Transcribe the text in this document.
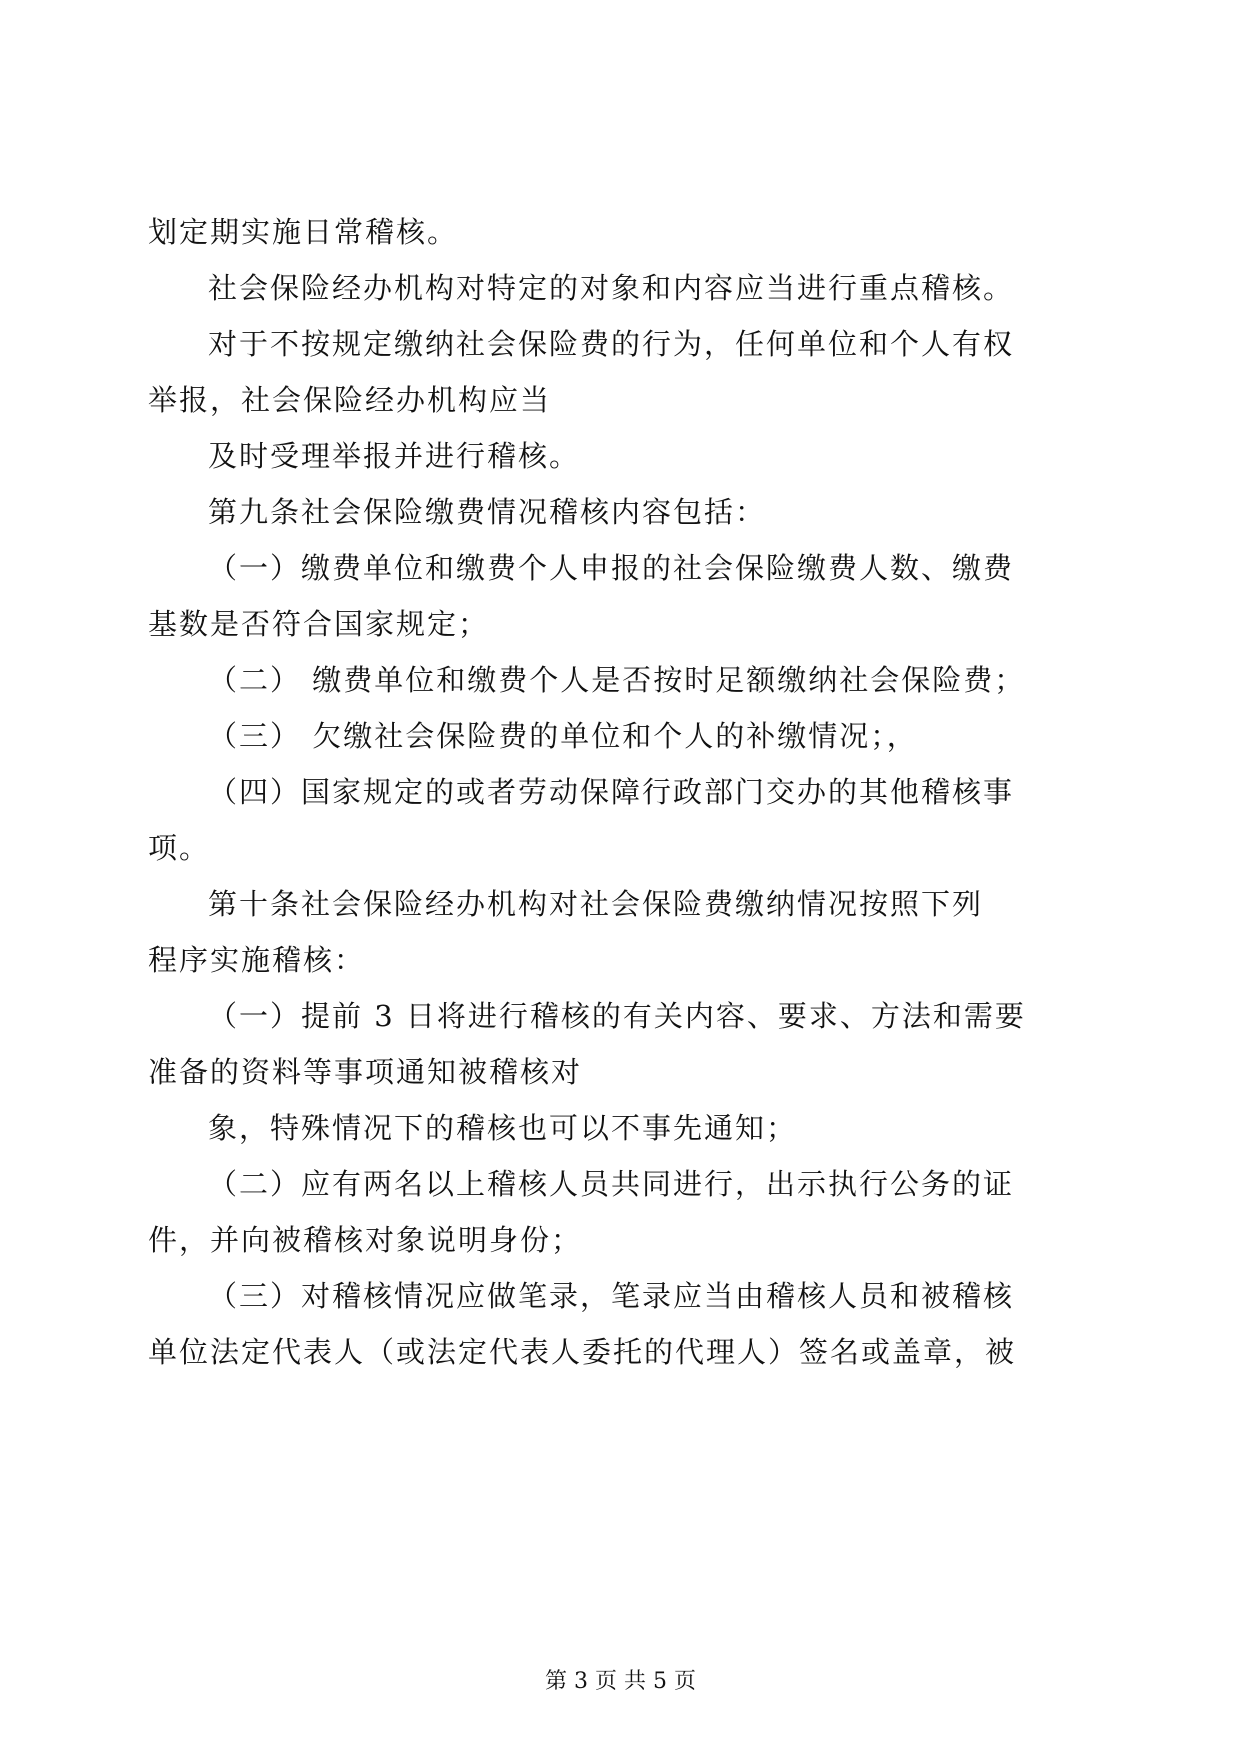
划定期实施日常稽核。
社会保险经办机构对特定的对象和内容应当进行重点稽核。
对于不按规定缴纳社会保险费的行为，任何单位和个人有权
举报，社会保险经办机构应当
及时受理举报并进行稽核。
第九条社会保险缴费情况稽核内容包括：
（一）缴费单位和缴费个人申报的社会保险缴费人数、缴费
基数是否符合国家规定；
（二） 缴费单位和缴费个人是否按时足额缴纳社会保险费；
（三） 欠缴社会保险费的单位和个人的补缴情况；，
（四）国家规定的或者劳动保障行政部门交办的其他稽核事
项。
第十条社会保险经办机构对社会保险费缴纳情况按照下列
程序实施稽核：
（一）提前 3 日将进行稽核的有关内容、要求、方法和需要
准备的资料等事项通知被稽核对
象，特殊情况下的稽核也可以不事先通知；
（二）应有两名以上稽核人员共同进行，出示执行公务的证
件，并向被稽核对象说明身份；
（三）对稽核情况应做笔录，笔录应当由稽核人员和被稽核
单位法定代表人（或法定代表人委托的代理人）签名或盖章，被
第 3 页 共 5 页
